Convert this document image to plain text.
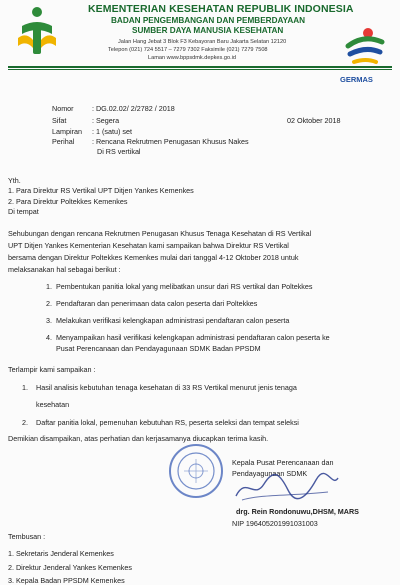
KEMENTERIAN KESEHATAN REPUBLIK INDONESIA
BADAN PENGEMBANGAN DAN PEMBERDAYAAN
SUMBER DAYA MANUSIA KESEHATAN
Jalan Hang Jebat 3 Blok F3 Kebayoran Baru Jakarta Selatan 12120
Telepon (021) 724 5517 – 7279 7302 Faksimile (021) 7279 7508
Laman www.bppsdmk.depkes.go.id
GERMAS
Nomor	: DG.02.02/ 2/2782 / 2018
Sifat	: Segera	02 Oktober 2018
Lampiran : 1 (satu) set
Perihal : Rencana Rekrutmen Penugasan Khusus Nakes
Di RS vertikal
Yth.
1. Para Direktur RS Vertikal UPT Ditjen Yankes Kemenkes
2. Para Direktur Poltekkes Kemenkes
Di tempat
Sehubungan dengan rencana Rekrutmen Penugasan Khusus Tenaga Kesehatan di RS Vertikal
UPT Ditjen Yankes Kementerian Kesehatan kami sampaikan bahwa Direktur RS Vertikal
bersama dengan Direktur Poltekkes Kemenkes mulai dari tanggal 4-12 Oktober 2018 untuk
melaksanakan hal sebagai berikut :
1. Pembentukan panitia lokal yang melibatkan unsur dari RS vertikal dan Poltekkes
2. Pendaftaran dan penerimaan data calon peserta dari Poltekkes
3. Melakukan verifikasi kelengkapan administrasi pendaftaran calon peserta
4. Menyampaikan hasil verifikasi kelengkapan administrasi pendaftaran calon peserta ke
Pusat Perencanaan dan Pendayagunaan SDMK Badan PPSDM
Terlampir kami sampaikan :
1. Hasil analisis kebutuhan tenaga kesehatan di 33 RS Vertikal menurut jenis tenaga
kesehatan
2. Daftar panitia lokal, pemenuhan kebutuhan RS, peserta seleksi dan tempat seleksi
Demikian disampaikan, atas perhatian dan kerjasamanya diucapkan terima kasih.
Kepala Pusat Perencanaan dan
Pendayagunaan SDMK
drg. Rein Rondonuwu,DHSM, MARS
NIP 196405201991031003
Tembusan :
1. Sekretaris Jenderal Kemenkes
2. Direktur Jenderal Yankes Kemenkes
3. Kepala Badan PPSDM Kemenkes
